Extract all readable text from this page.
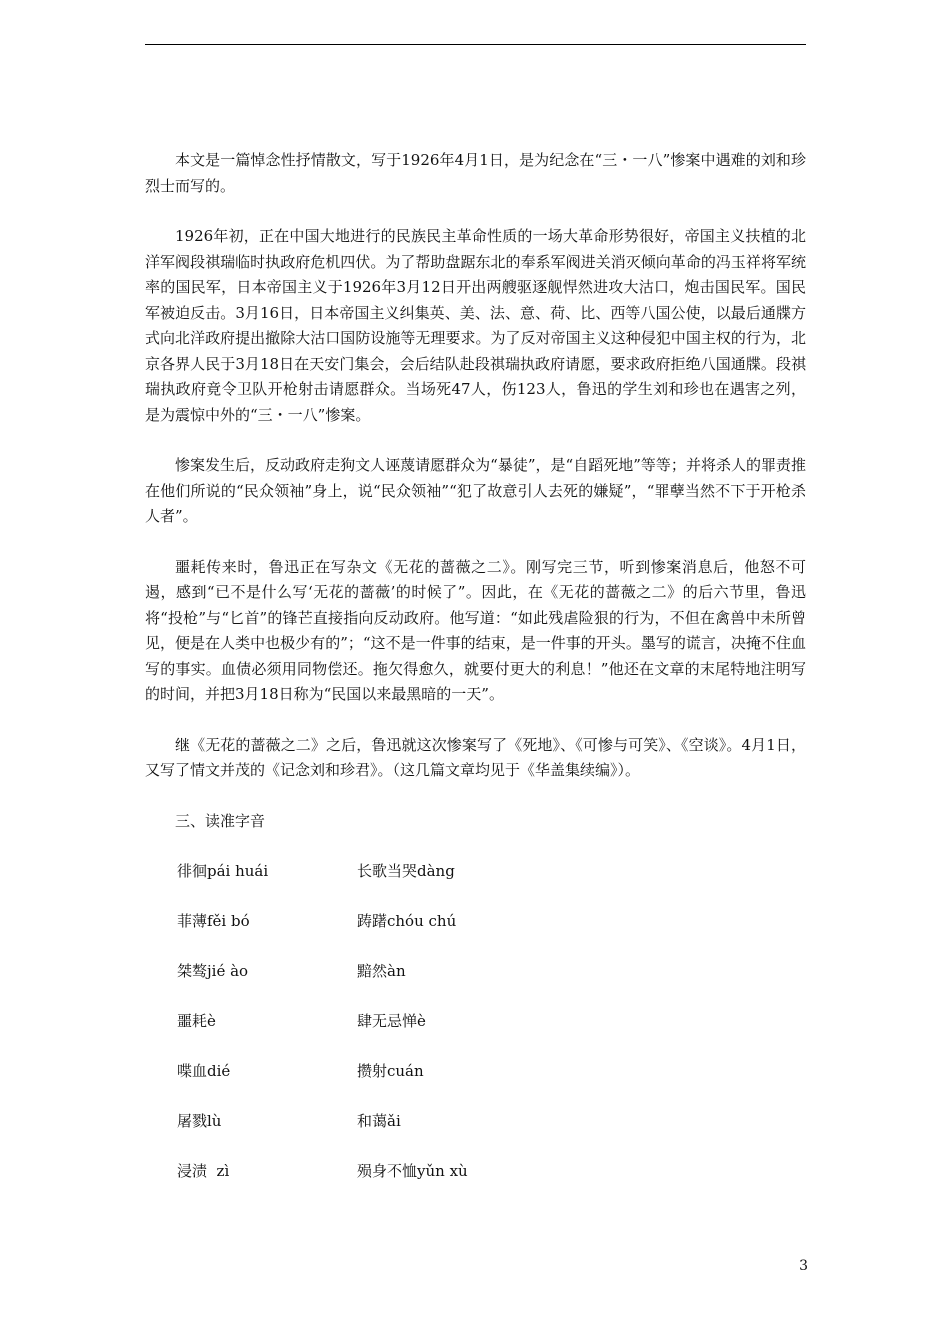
本文是一篇悼念性抒情散文，写于1926年4月1日，是为纪念在“三・一八”惨案中遇难的刘和珍烈士而写的。

1926年初，正在中国大地进行的民族民主革命性质的一场大革命形势很好，帝国主义扶植的北洋军阀段祺瑞临时执政府危机四伏。为了帮助盘踞东北的奉系军阀进关消灭倾向革命的冯玉祥将军统率的国民军，日本帝国主义于1926年3月12日开出两艘驱逐舰悍然进攻大沽口，炮击国民军。国民军被迫反击。3月16日，日本帝国主义纠集英、美、法、意、荷、比、西等八国公使，以最后通牒方式向北洋政府提出撤除大沽口国防设施等无理要求。为了反对帝国主义这种侵犯中国主权的行为，北京各界人民于3月18日在天安门集会，会后结队赴段祺瑞执政府请愿，要求政府拒绝八国通牒。段祺瑞执政府竟令卫队开枪射击请愿群众。当场死47人，伤123人，鲁迅的学生刘和珍也在遇害之列，是为震惊中外的“三・一八”惨案。

惨案发生后，反动政府走狗文人诬蔑请愿群众为“暴徒”，是“自蹈死地”等等；并将杀人的罪责推在他们所说的“民众领袖”身上，说“民众领袖”“犯了故意引人去死的嫌疑”，“罪孽当然不下于开枪杀人者”。

噩耗传来时，鲁迅正在写杂文《无花的蔷薇之二》。刚写完三节，听到惨案消息后，他怒不可遏，感到“已不是什么写‘无花的蔷薇’的时候了”。因此，在《无花的蔷薇之二》的后六节里，鲁迅将“投枪”与“匕首”的锋芒直接指向反动政府。他写道：“如此残虐险狠的行为，不但在禽兽中未所曾见，便是在人类中也极少有的”；“这不是一件事的结束，是一件事的开头。墨写的谎言，决掩不住血写的事实。血债必须用同物偿还。拖欠得愈久，就要付更大的利息！”他还在文章的末尾特地注明写的时间，并把3月18日称为“民国以来最黑暗的一天”。

继《无花的蔷薇之二》之后，鲁迅就这次惨案写了《死地》、《可惨与可笑》、《空谈》。4月1日，又写了情文并茂的《记念刘和珍君》。（这几篇文章均见于《华盖集续编》）。

三、读准字音
徘徊pái huái	长歌当哭dàng
菲薄fěi bó	踌躇chóu chú
桀骜jié ào	黯然àn
噩耗è	肆无忌惮è
喋血dié	攒射cuán
屠戮lù	和蔼ǎi
浸渍  zì	殒身不恤yǔn xù
3
